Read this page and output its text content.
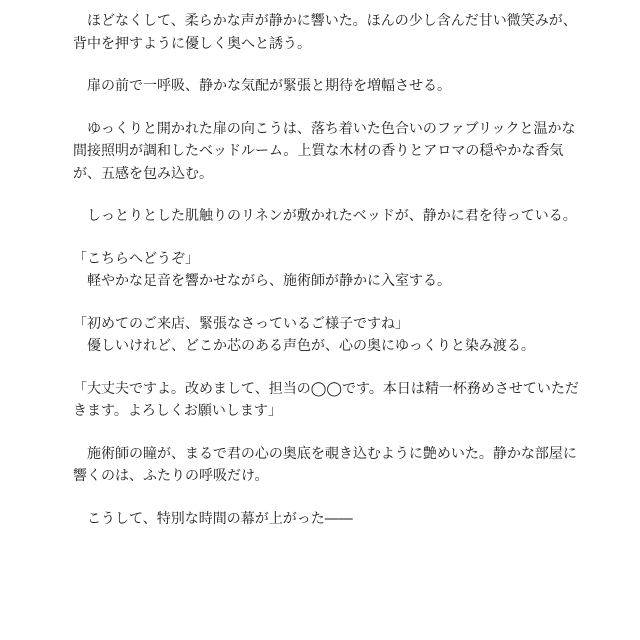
ほどなくして、柔らかな声が静かに響いた。ほんの少し含んだ甘い微笑みが、背中を押すように優しく奥へと誘う。

扉の前で一呼吸、静かな気配が緊張と期待を増幅させる。

ゆっくりと開かれた扉の向こうは、落ち着いた色合いのファブリックと温かな間接照明が調和したベッドルーム。上質な木材の香りとアロマの穏やかな香気が、五感を包み込む。

しっとりとした肌触りのリネンが敷かれたベッドが、静かに君を待っている。

「こちらへどうぞ」
軽やかな足音を響かせながら、施術師が静かに入室する。
「初めてのご来店、緊張なさっているご様子ですね」
優しいけれど、どこか芯のある声色が、心の奥にゆっくりと染み渡る。
「大丈夫ですよ。改めまして、担当の◯◯です。本日は精一杯務めさせていただきます。よろしくお願いします」

施術師の瞳が、まるで君の心の奥底を覗き込むように艶めいた。静かな部屋に響くのは、ふたりの呼吸だけ。

こうして、特別な時間の幕が上がった――
